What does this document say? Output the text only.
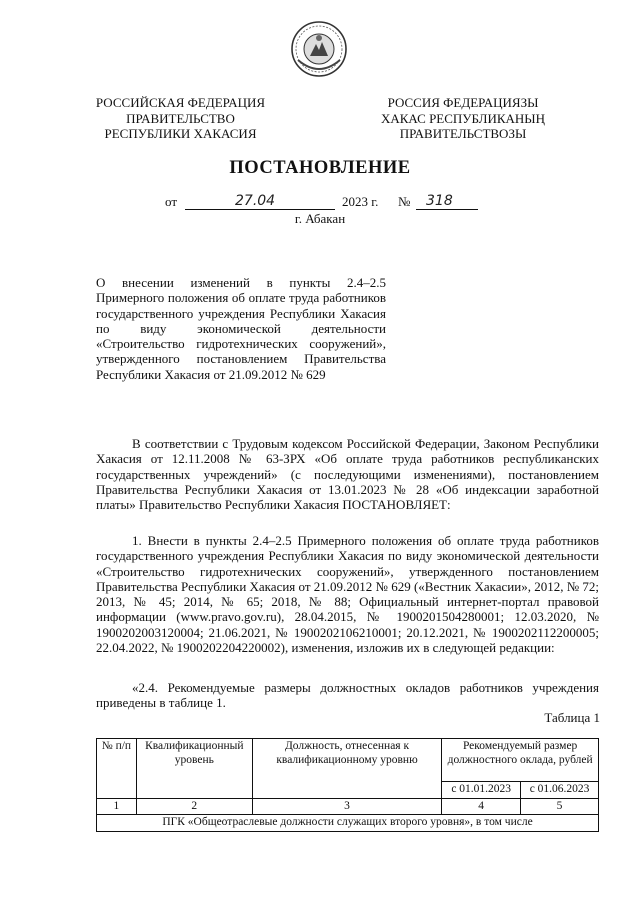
РОССИЙСКАЯ ФЕДЕРАЦИЯ
ПРАВИТЕЛЬСТВО
РЕСПУБЛИКИ ХАКАСИЯ
РОССИЯ ФЕДЕРАЦИЯЗЫ
ХАКАС РЕСПУБЛИКАНЫҢ
ПРАВИТЕЛЬСТВОЗЫ
ПОСТАНОВЛЕНИЕ
от	27.04	2023 г. № 318
г. Абакан

О внесении изменений в пункты 2.4–2.5 Примерного положения об оплате труда работников государственного учреждения Республики Хакасия по виду экономической деятельности «Строительство гидротехнических сооружений», утвержденного постановлением Правительства Республики Хакасия от 21.09.2012 № 629

В соответствии с Трудовым кодексом Российской Федерации, Законом Республики Хакасия от 12.11.2008 № 63-ЗРХ «Об оплате труда работников республиканских государственных учреждений» (с последующими изменениями), постановлением Правительства Республики Хакасия от 13.01.2023 № 28 «Об индексации заработной платы» Правительство Республики Хакасия ПОСТАНОВЛЯЕТ:

1. Внести в пункты 2.4–2.5 Примерного положения об оплате труда работников государственного учреждения Республики Хакасия по виду экономической деятельности «Строительство гидротехнических сооружений», утвержденного постановлением Правительства Республики Хакасия от 21.09.2012 № 629 («Вестник Хакасии», 2012, № 72; 2013, № 45; 2014, № 65; 2018, № 88; Официальный интернет-портал правовой информации (www.pravo.gov.ru), 28.04.2015, № 1900201504280001; 12.03.2020, № 1900202003120004; 21.06.2021, № 1900202106210001; 20.12.2021, № 1900202112200005; 22.04.2022, № 1900202204220002), изменения, изложив их в следующей редакции:

«2.4. Рекомендуемые размеры должностных окладов работников учреждения приведены в таблице 1.

Таблица 1
№ п/п	Квалификационный уровень	Должность, отнесенная к квалификационному уровню	Рекомендуемый размер должностного оклада, рублей	
			с 01.01.2023	с 01.06.2023
1	2	3	4	5
ПГК «Общеотраслевые должности служащих второго уровня», в том числе				
